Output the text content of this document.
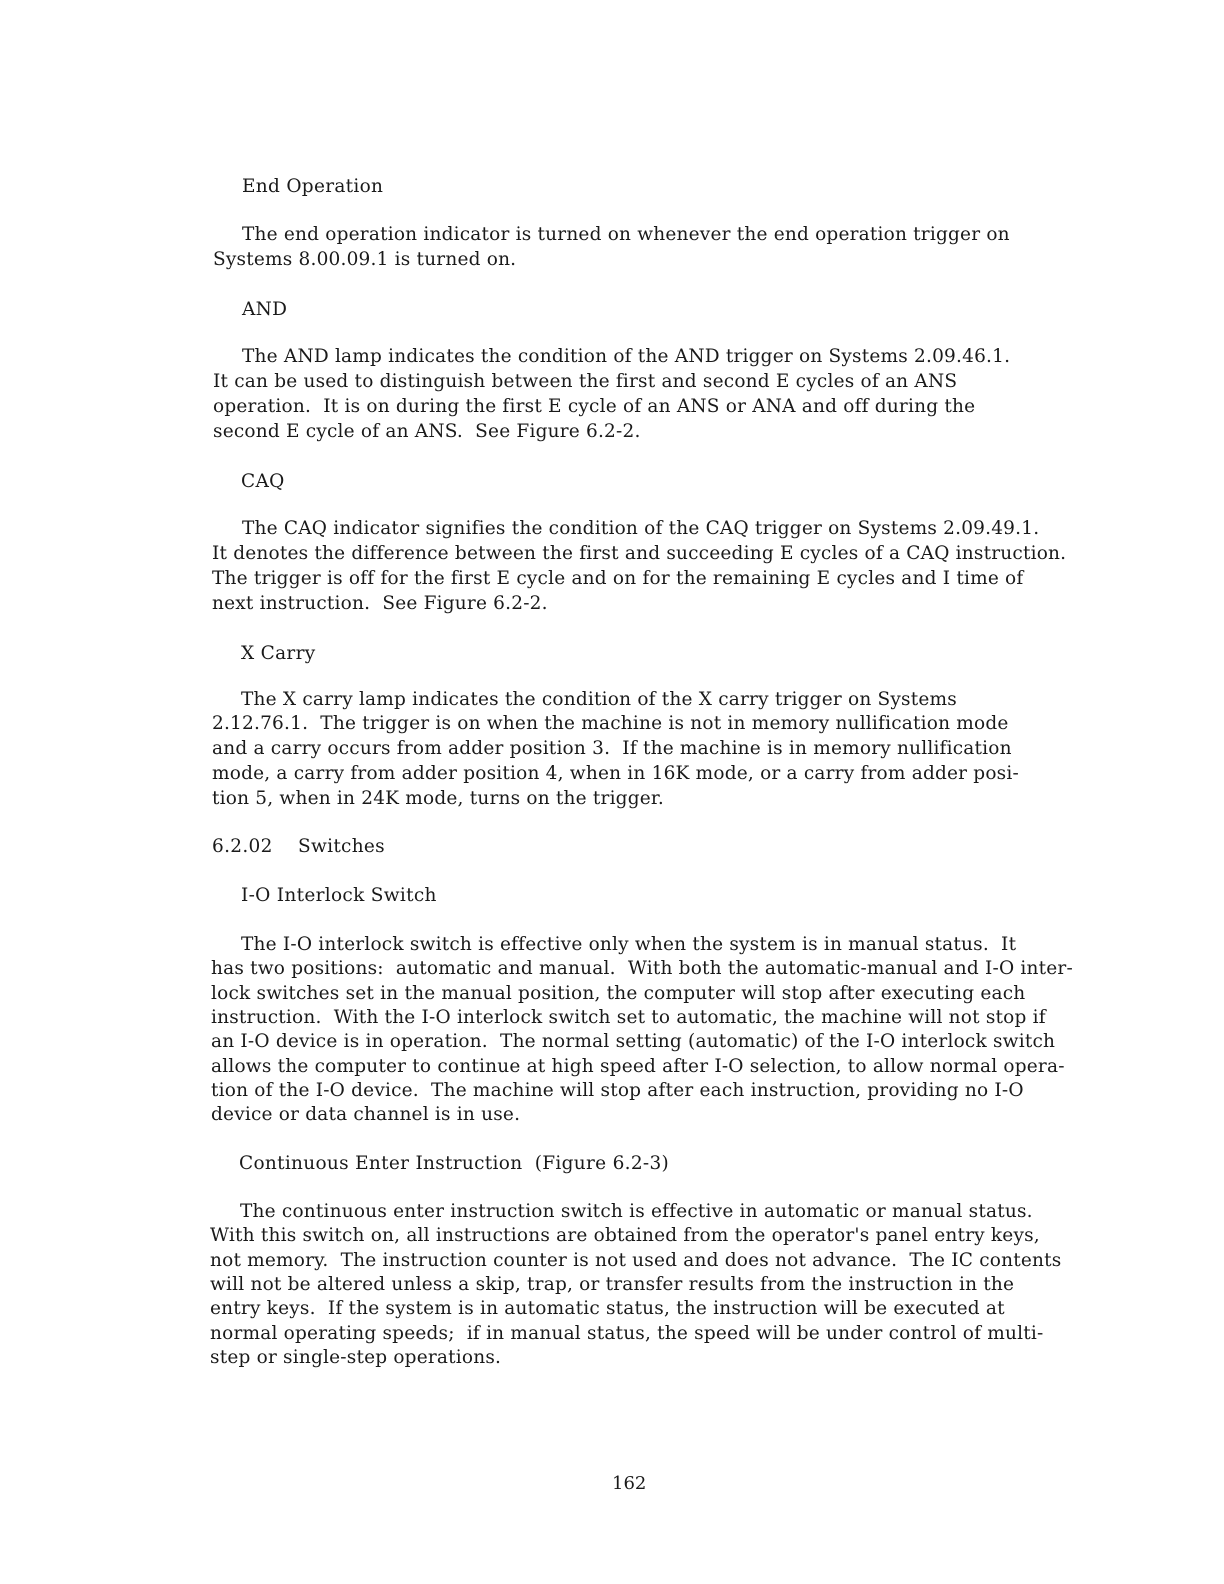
End Operation
The end operation indicator is turned on whenever the end operation trigger on
Systems 8.00.09.1 is turned on.
AND
The AND lamp indicates the condition of the AND trigger on Systems 2.09.46.1.
It can be used to distinguish between the first and second E cycles of an ANS
operation.  It is on during the first E cycle of an ANS or ANA and off during the
second E cycle of an ANS.  See Figure 6.2-2.
CAQ
The CAQ indicator signifies the condition of the CAQ trigger on Systems 2.09.49.1.
It denotes the difference between the first and succeeding E cycles of a CAQ instruction.
The trigger is off for the first E cycle and on for the remaining E cycles and I time of
next instruction.  See Figure 6.2-2.
X Carry
The X carry lamp indicates the condition of the X carry trigger on Systems
2.12.76.1.  The trigger is on when the machine is not in memory nullification mode
and a carry occurs from adder position 3.  If the machine is in memory nullification
mode, a carry from adder position 4, when in 16K mode, or a carry from adder posi-
tion 5, when in 24K mode, turns on the trigger.
6.2.02 Switches
I-O Interlock Switch
The I-O interlock switch is effective only when the system is in manual status.  It
has two positions:  automatic and manual.  With both the automatic-manual and I-O inter-
lock switches set in the manual position, the computer will stop after executing each
instruction.  With the I-O interlock switch set to automatic, the machine will not stop if
an I-O device is in operation.  The normal setting (automatic) of the I-O interlock switch
allows the computer to continue at high speed after I-O selection, to allow normal opera-
tion of the I-O device.  The machine will stop after each instruction, providing no I-O
device or data channel is in use.
Continuous Enter Instruction  (Figure 6.2-3)
The continuous enter instruction switch is effective in automatic or manual status.
With this switch on, all instructions are obtained from the operator's panel entry keys,
not memory.  The instruction counter is not used and does not advance.  The IC contents
will not be altered unless a skip, trap, or transfer results from the instruction in the
entry keys.  If the system is in automatic status, the instruction will be executed at
normal operating speeds;  if in manual status, the speed will be under control of multi-
step or single-step operations.
162
